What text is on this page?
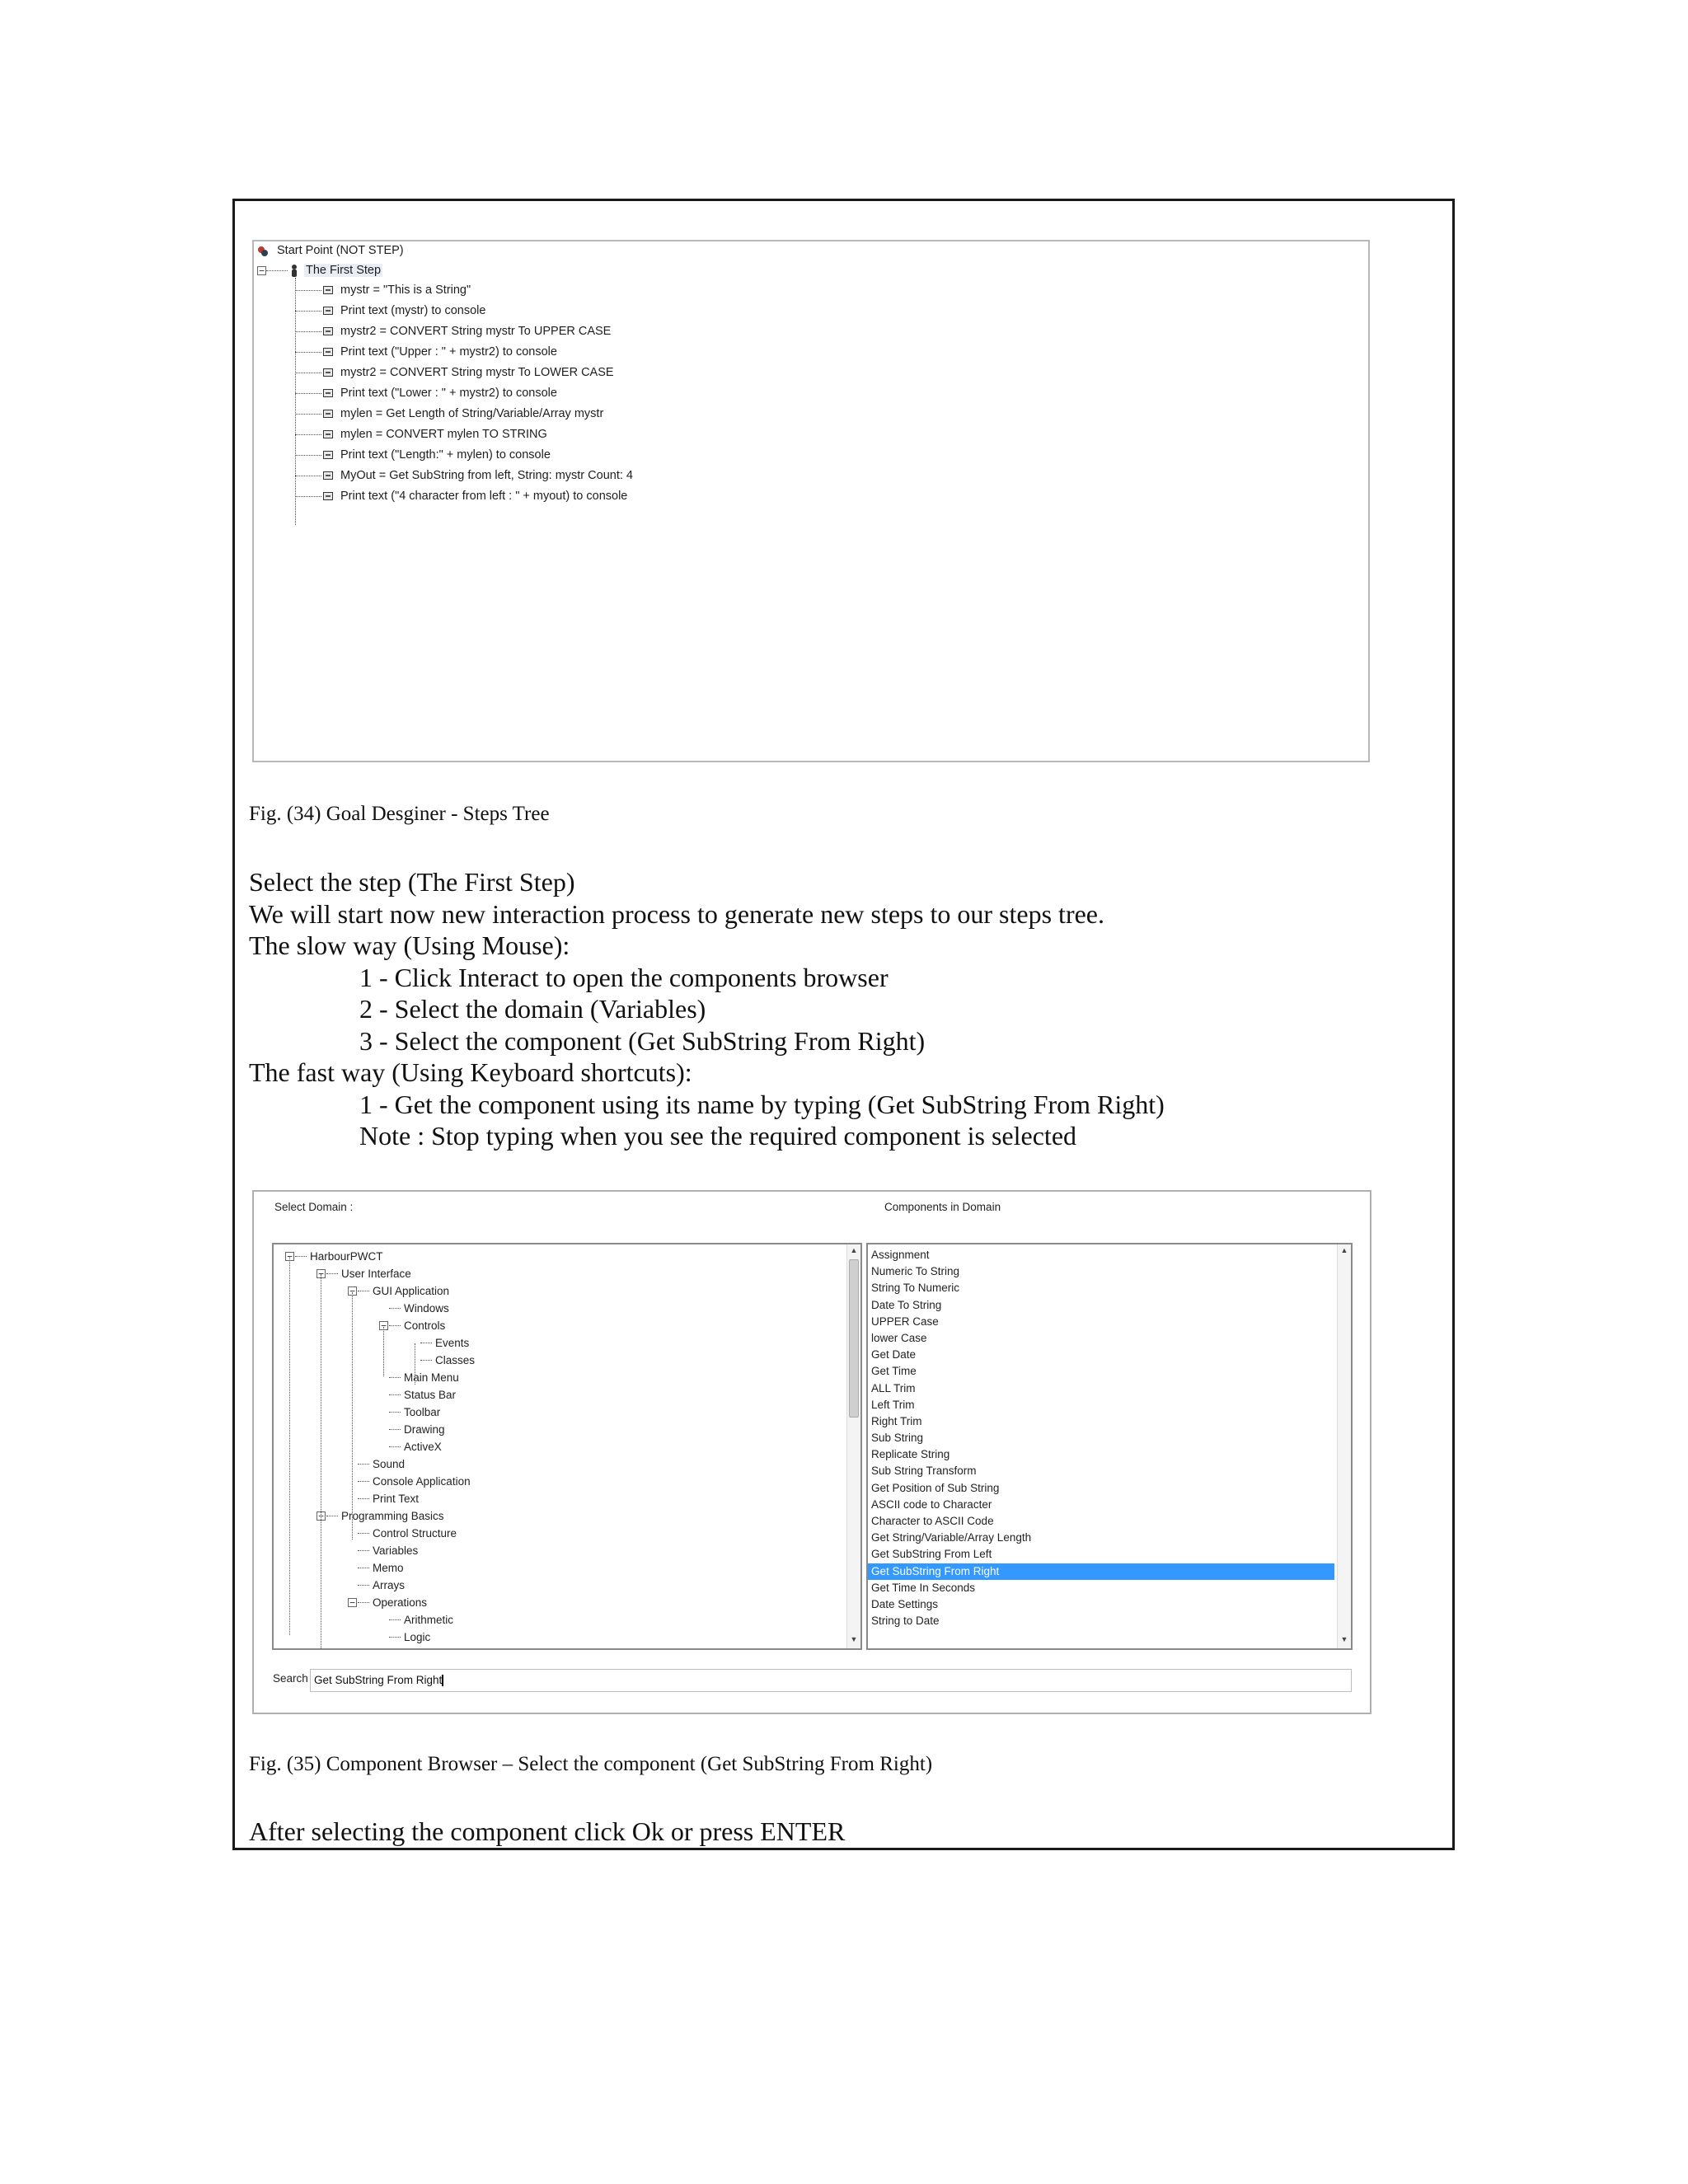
Start Point (NOT STEP)
−	The First Step
mystr = "This is a String"
Print text (mystr) to console
mystr2 = CONVERT String mystr To UPPER CASE
Print text ("Upper : " + mystr2) to console
mystr2 = CONVERT String mystr To LOWER CASE
Print text ("Lower : " + mystr2) to console
mylen = Get Length of String/Variable/Array mystr
mylen = CONVERT mylen TO STRING
Print text ("Length:" + mylen) to console
MyOut = Get SubString from left, String: mystr Count: 4
Print text ("4 character from left : " + myout) to console
Fig. (34) Goal Desginer - Steps Tree
Select the step (The First Step)
We will start now new interaction process to generate new steps to our steps tree.
The slow way (Using Mouse):
1 - Click Interact to open the components browser
2 - Select the domain (Variables)
3 - Select the component (Get SubString From Right)
The fast way (Using Keyboard shortcuts):
1 - Get the component using its name by typing (Get SubString From Right)
Note : Stop typing when you see the required component is selected
Select Domain :	Components in Domain
− HarbourPWCT
− User Interface
− GUI Application
Windows
− Controls
Events
Classes
Main Menu
Status Bar
Toolbar
Drawing
ActiveX
Sound
Console Application
Print Text
− Programming Basics
Control Structure
Variables
Memo
Arrays
− Operations
Arithmetic
Logic
▲
▼
Assignment
Numeric To String
String To Numeric
Date To String
UPPER Case
lower Case
Get Date
Get Time
ALL Trim
Left Trim
Right Trim
Sub String
Replicate String
Sub String Transform
Get Position of Sub String
ASCII code to Character
Character to ASCII Code
Get String/Variable/Array Length
Get SubString From Left
Get SubString From Right
Get Time In Seconds
Date Settings
String to Date
▲
▼
Search Get SubString From Right
Fig. (35) Component Browser – Select the component (Get SubString From Right)
After selecting the component click Ok or press ENTER
